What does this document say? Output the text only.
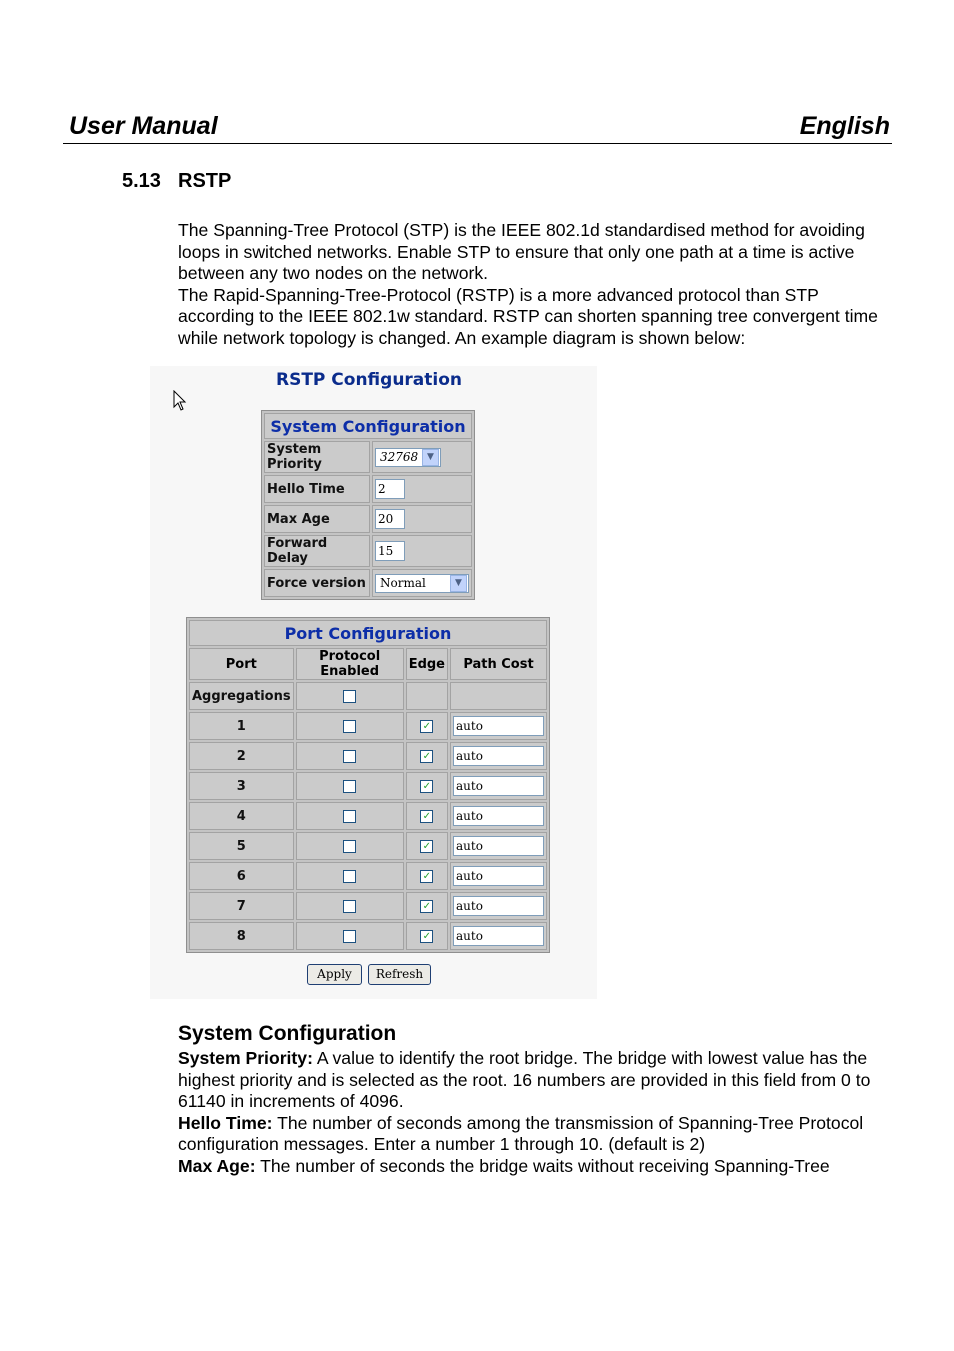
User Manual	English
5.13 RSTP

The Spanning-Tree Protocol (STP) is the IEEE 802.1d standardised method for avoiding loops in switched networks. Enable STP to ensure that only one path at a time is active between any two nodes on the network.

The Rapid-Spanning-Tree-Protocol (RSTP) is a more advanced protocol than STP according to the IEEE 802.1w standard. RSTP can shorten spanning tree convergent time while network topology is changed. An example diagram is shown below:

RSTP Configuration
System Configuration	
System Priority	32768 ▼

Hello Time	2
Max Age	20
Forward Delay	15
Force version	Normal ▼
Port Configuration			
Port	Protocol Enabled	Edge	Path Cost
Aggregations			
1		✓	auto
2		✓	auto
3		✓	auto
4		✓	auto
5		✓	auto
6		✓	auto
7		✓	auto
8		✓	auto
Apply	Refresh
System Configuration

System Priority: A value to identify the root bridge. The bridge with lowest value has the highest priority and is selected as the root. 16 numbers are provided in this field from 0 to 61140 in increments of 4096.

Hello Time: The number of seconds among the transmission of Spanning-Tree Protocol configuration messages. Enter a number 1 through 10. (default is 2)

Max Age: The number of seconds the bridge waits without receiving Spanning-Tree
